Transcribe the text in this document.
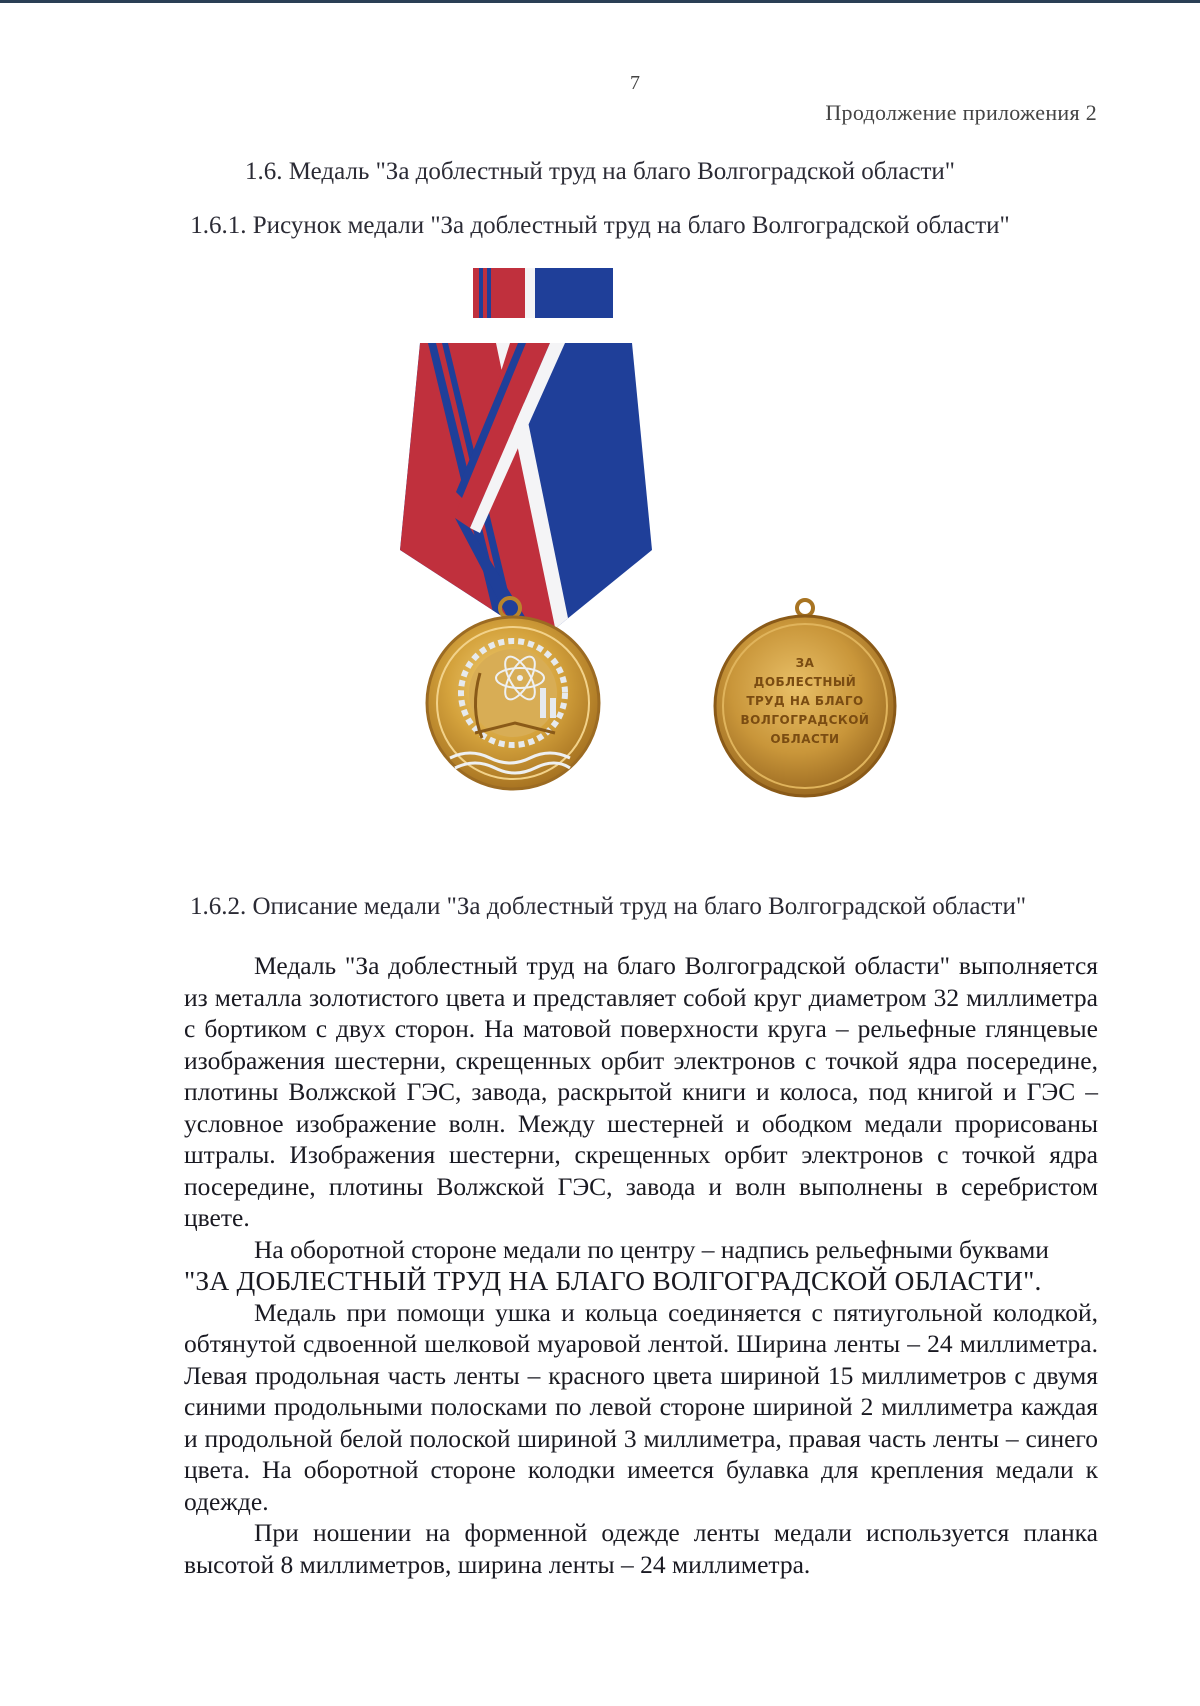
7
Продолжение приложения 2
1.6. Медаль "За доблестный труд на благо Волгоградской области"
1.6.1. Рисунок медали "За доблестный труд на благо Волгоградской области"
ЗА
ДОБЛЕСТНЫЙ
ТРУД НА БЛАГО
ВОЛГОГРАДСКОЙ
ОБЛАСТИ
1.6.2. Описание медали "За доблестный труд на благо Волгоградской области"

Медаль "За доблестный труд на благо Волгоградской области" выполняется из металла золотистого цвета и представляет собой круг диаметром 32 миллиметра с бортиком с двух сторон. На матовой поверхности круга – рельефные глянцевые изображения шестерни, скрещенных орбит электронов с точкой ядра посередине, плотины Волжской ГЭС, завода, раскрытой книги и колоса, под книгой и ГЭС – условное изображение волн. Между шестерней и ободком медали прорисованы штралы. Изображения шестерни, скрещенных орбит электронов с точкой ядра посередине, плотины Волжской ГЭС, завода и волн выполнены в серебристом цвете.

На оборотной стороне медали по центру – надпись рельефными буквами

"ЗА ДОБЛЕСТНЫЙ ТРУД НА БЛАГО ВОЛГОГРАДСКОЙ ОБЛАСТИ".

Медаль при помощи ушка и кольца соединяется с пятиугольной колодкой, обтянутой сдвоенной шелковой муаровой лентой. Ширина ленты – 24 миллиметра. Левая продольная часть ленты – красного цвета шириной 15 миллиметров с двумя синими продольными полосками по левой стороне шириной 2 миллиметра каждая и продольной белой полоской шириной 3 миллиметра, правая часть ленты – синего цвета. На оборотной стороне колодки имеется булавка для крепления медали к одежде.

При ношении на форменной одежде ленты медали используется планка высотой 8 миллиметров, ширина ленты – 24 миллиметра.
